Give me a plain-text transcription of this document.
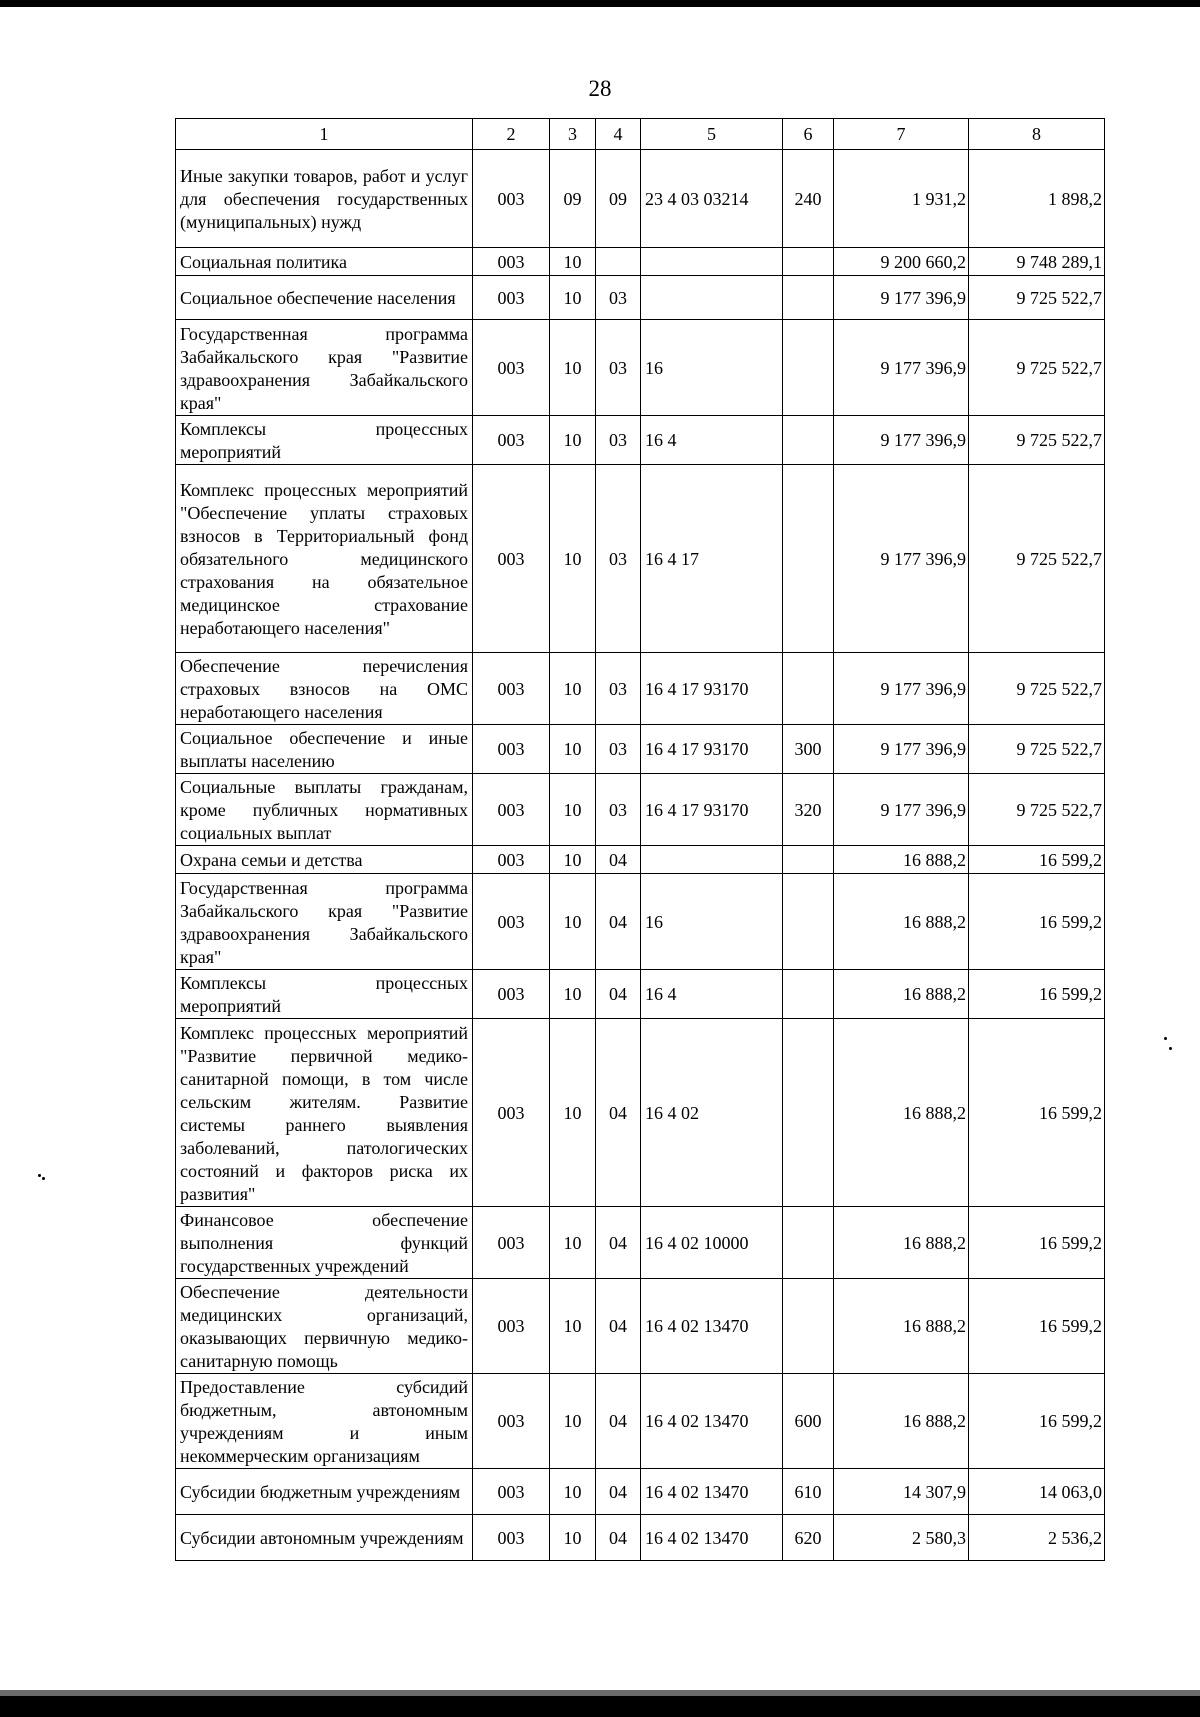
28
1	2	3	4	5	6	7	8
Иные закупки товаров, работ и услуг для обеспечения государственных (муниципальных) нужд	003	09	09	23 4 03 03214	240	1 931,2	1 898,2
Социальная политика	003	10				9 200 660,2	9 748 289,1
Социальное обеспечение населения	003	10	03			9 177 396,9	9 725 522,7
Государственная программа Забайкальского края "Развитие здравоохранения Забайкальского края"	003	10	03	16		9 177 396,9	9 725 522,7
Комплексы процессных мероприятий	003	10	03	16 4		9 177 396,9	9 725 522,7
Комплекс процессных мероприятий "Обеспечение уплаты страховых взносов в Территориальный фонд обязательного медицинского страхования на обязательное медицинское страхование неработающего населения"	003	10	03	16 4 17		9 177 396,9	9 725 522,7
Обеспечение перечисления страховых взносов на ОМС неработающего населения	003	10	03	16 4 17 93170		9 177 396,9	9 725 522,7
Социальное обеспечение и иные выплаты населению	003	10	03	16 4 17 93170	300	9 177 396,9	9 725 522,7
Социальные выплаты гражданам, кроме публичных нормативных социальных выплат	003	10	03	16 4 17 93170	320	9 177 396,9	9 725 522,7
Охрана семьи и детства	003	10	04			16 888,2	16 599,2
Государственная программа Забайкальского края "Развитие здравоохранения Забайкальского края"	003	10	04	16		16 888,2	16 599,2
Комплексы процессных мероприятий	003	10	04	16 4		16 888,2	16 599,2
Комплекс процессных мероприятий "Развитие первичной медико-санитарной помощи, в том числе сельским жителям. Развитие системы раннего выявления заболеваний, патологических состояний и факторов риска их развития"	003	10	04	16 4 02		16 888,2	16 599,2
Финансовое обеспечение выполнения функций государственных учреждений	003	10	04	16 4 02 10000		16 888,2	16 599,2
Обеспечение деятельности медицинских организаций, оказывающих первичную медико-санитарную помощь	003	10	04	16 4 02 13470		16 888,2	16 599,2
Предоставление субсидий бюджетным, автономным учреждениям и иным некоммерческим организациям	003	10	04	16 4 02 13470	600	16 888,2	16 599,2
Субсидии бюджетным учреждениям	003	10	04	16 4 02 13470	610	14 307,9	14 063,0
Субсидии автономным учреждениям	003	10	04	16 4 02 13470	620	2 580,3	2 536,2
